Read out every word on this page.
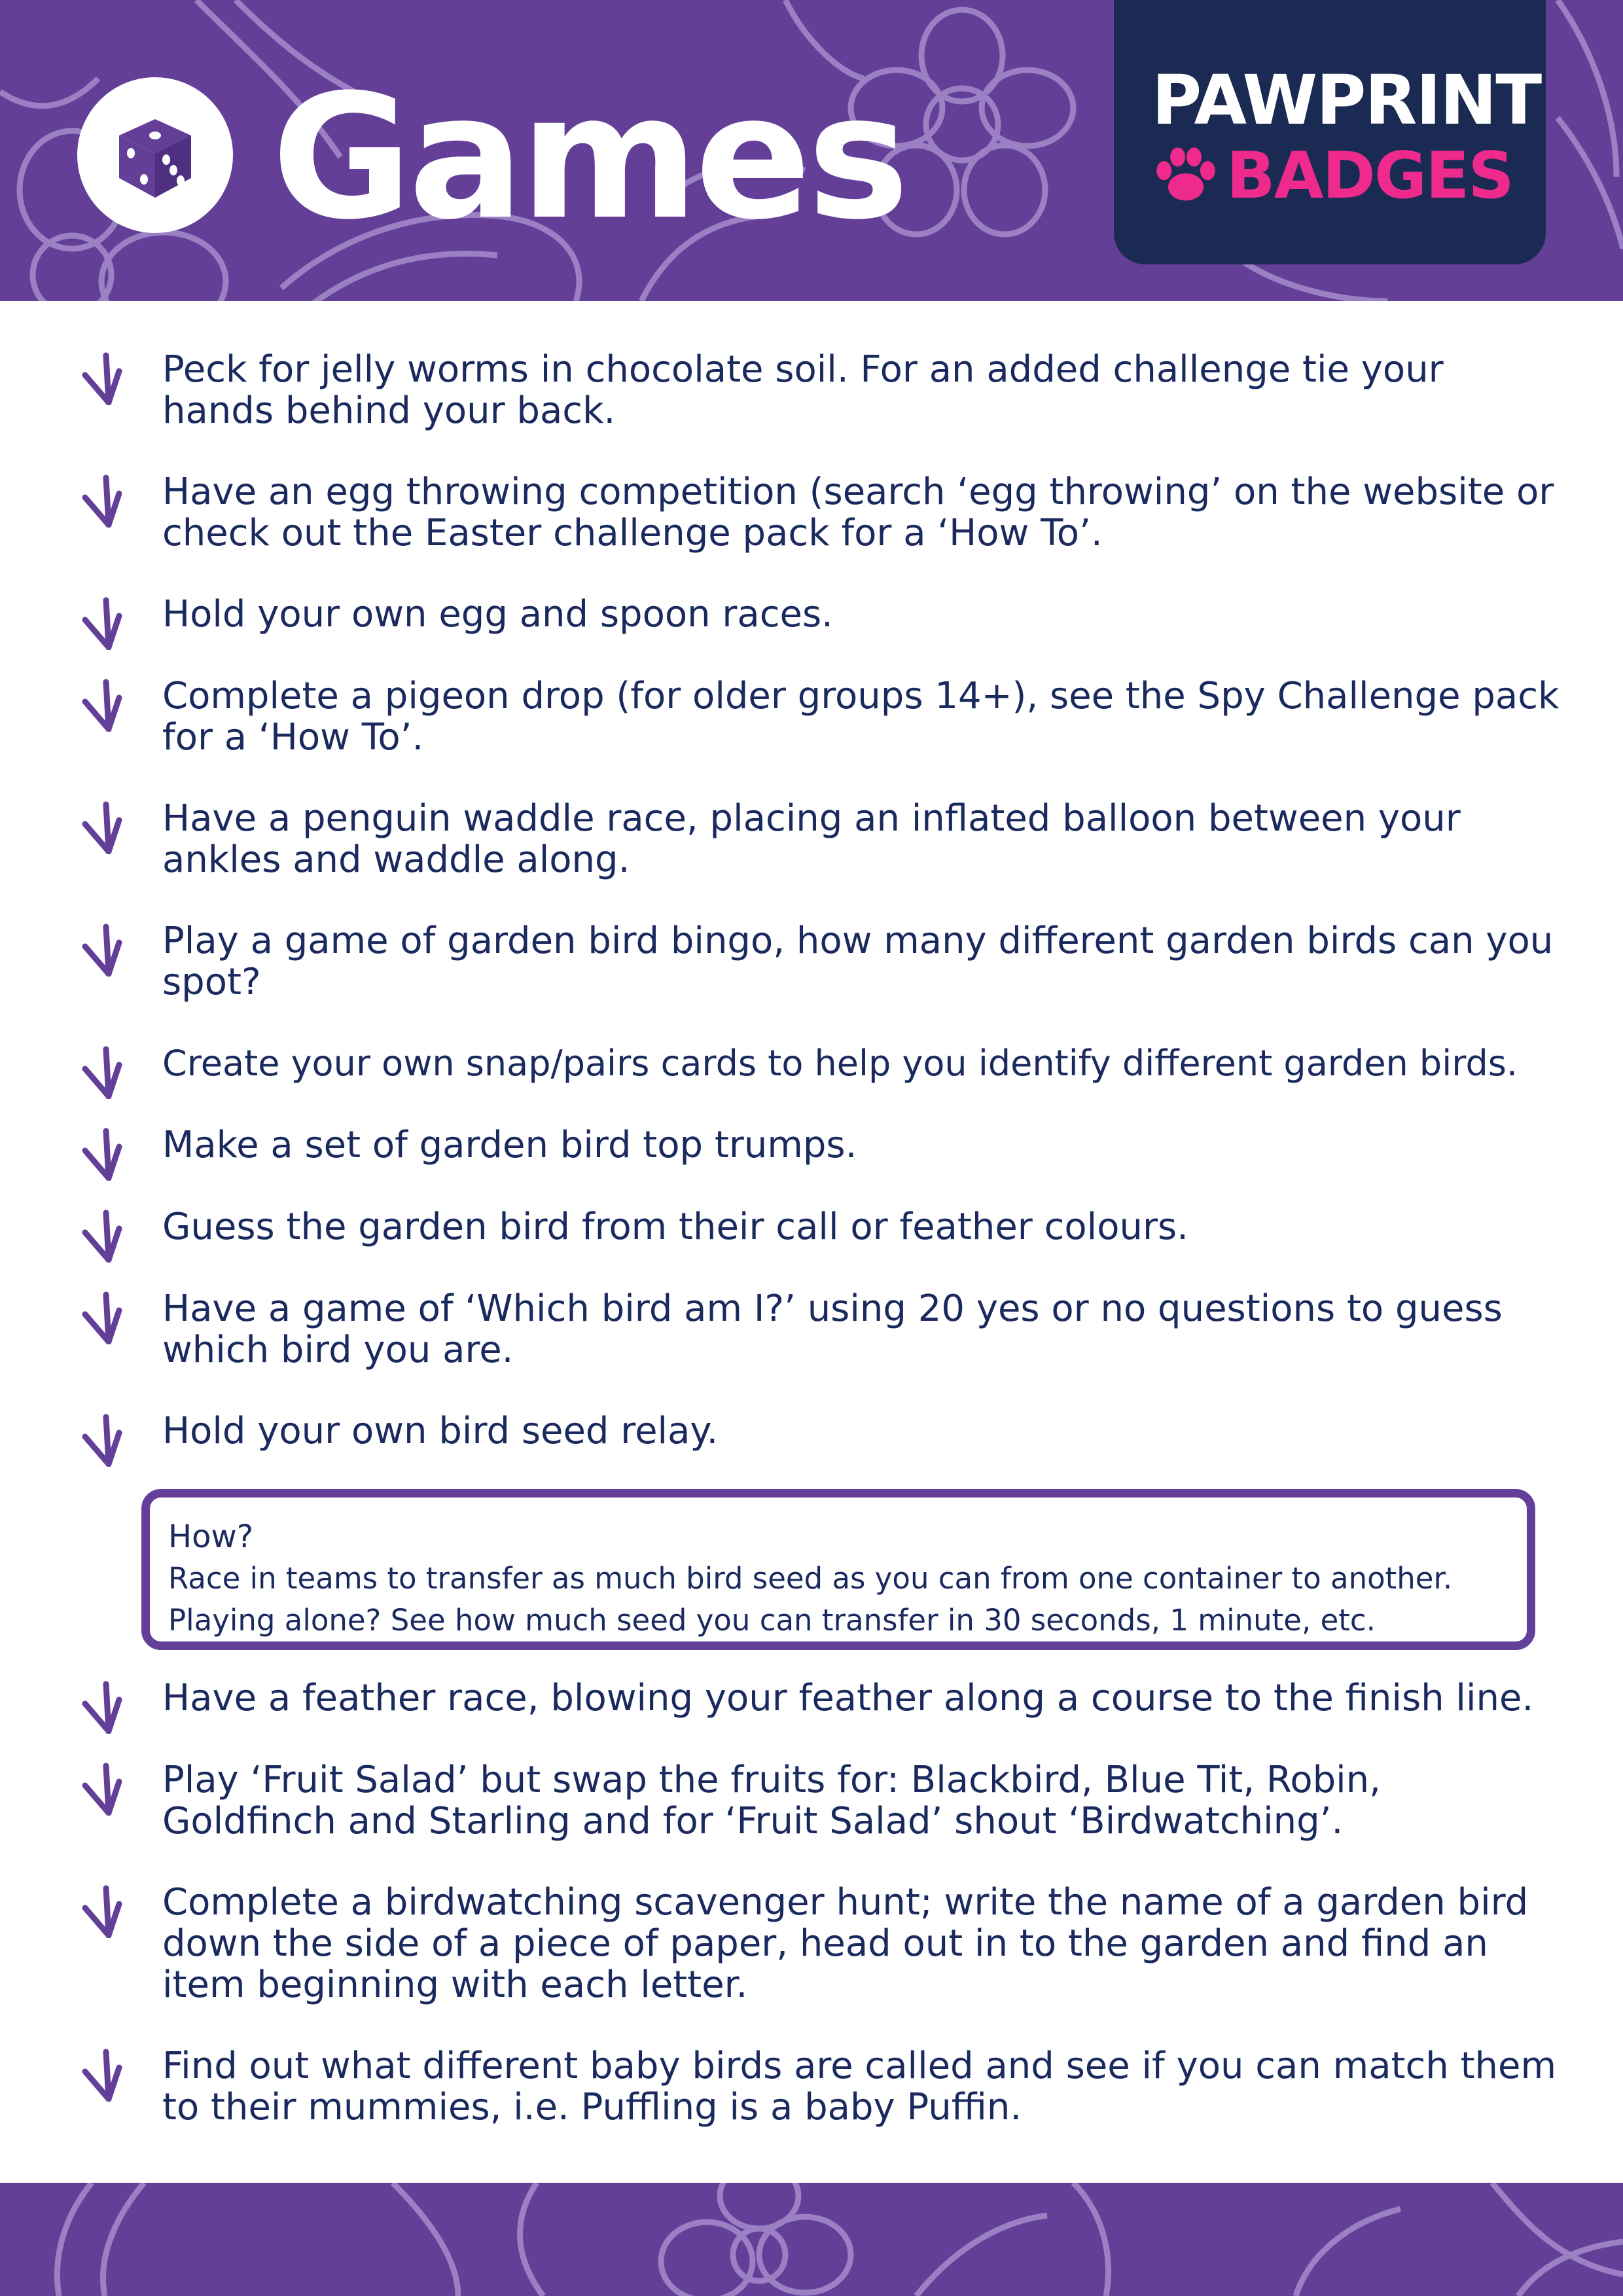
Games	PAWPRINT
BADGES
Peck for jelly worms in chocolate soil. For an added challenge tie your hands behind your back.
Have an egg throwing competition (search ‘egg throwing’ on the website or check out the Easter challenge pack for a ‘How To’.
Hold your own egg and spoon races.
Complete a pigeon drop (for older groups 14+), see the Spy Challenge pack for a ‘How To’.
Have a penguin waddle race, placing an inflated balloon between your ankles and waddle along.
Play a game of garden bird bingo, how many different garden birds can you spot?
Create your own snap/pairs cards to help you identify different garden birds.
Make a set of garden bird top trumps.
Guess the garden bird from their call or feather colours.
Have a game of ‘Which bird am I?’ using 20 yes or no questions to guess which bird you are.
Hold your own bird seed relay.
How?
Race in teams to transfer as much bird seed as you can from one container to another.
Playing alone? See how much seed you can transfer in 30 seconds, 1 minute, etc.
Have a feather race, blowing your feather along a course to the finish line.
Play ‘Fruit Salad’ but swap the fruits for: Blackbird, Blue Tit, Robin, Goldfinch and Starling and for ‘Fruit Salad’ shout ‘Birdwatching’.
Complete a birdwatching scavenger hunt; write the name of a garden bird down the side of a piece of paper, head out in to the garden and find an item beginning with each letter.
Find out what different baby birds are called and see if you can match them to their mummies, i.e. Puffling is a baby Puffin.
